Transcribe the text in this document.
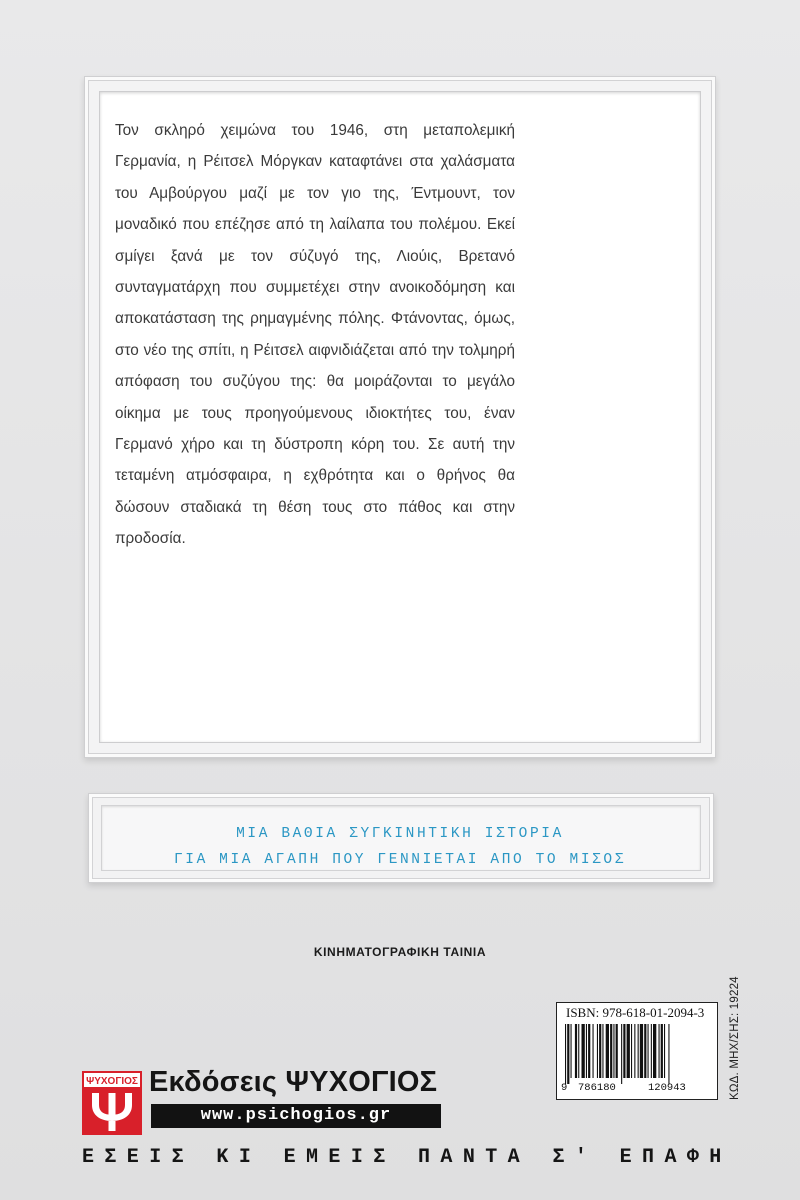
Τον σκληρό χειμώνα του 1946, στη μεταπολεμική Γερμανία, η Ρέιτσελ Μόργκαν καταφτάνει στα χαλάσματα του Αμβούργου μαζί με τον γιο της, Έντμουντ, τον μοναδικό που επέζησε από τη λαίλαπα του πολέμου. Εκεί σμίγει ξανά με τον σύζυγό της, Λιούις, Βρετανό συνταγματάρχη που συμμετέχει στην ανοικοδόμηση και αποκατάσταση της ρημαγμένης πόλης. Φτάνοντας, όμως, στο νέο της σπίτι, η Ρέιτσελ αιφνιδιάζεται από την τολμηρή απόφαση του συζύγου της: θα μοιράζονται το μεγάλο οίκημα με τους προηγούμενους ιδιοκτήτες του, έναν Γερμανό χήρο και τη δύστροπη κόρη του. Σε αυτή την τεταμένη ατμόσφαιρα, η εχθρότητα και ο θρήνος θα δώσουν σταδιακά τη θέση τους στο πάθος και στην προδοσία.

ΜΙΑ ΒΑΘΙΑ ΣΥΓΚΙΝΗΤΙΚΗ ΙΣΤΟΡΙΑ
ΓΙΑ ΜΙΑ ΑΓΑΠΗ ΠΟΥ ΓΕΝΝΙΕΤΑΙ ΑΠΟ ΤΟ ΜΙΣΟΣ
ΚΙΝΗΜΑΤΟΓΡΑΦΙΚΗ ΤΑΙΝΙΑ
ISBN: 978-618-01-2094-3
9 786180	120943	ΚΩΔ. ΜΗΧ/ΣΗΣ: 19224
ΨΥΧΟΓΙΟΣ Εκδόσεις ΨΥΧΟΓΙΟΣ
www.psichogios.gr
ΕΣΕΙΣ ΚΙ ΕΜΕΙΣ ΠΑΝΤΑ Σ' ΕΠΑΦΗ
